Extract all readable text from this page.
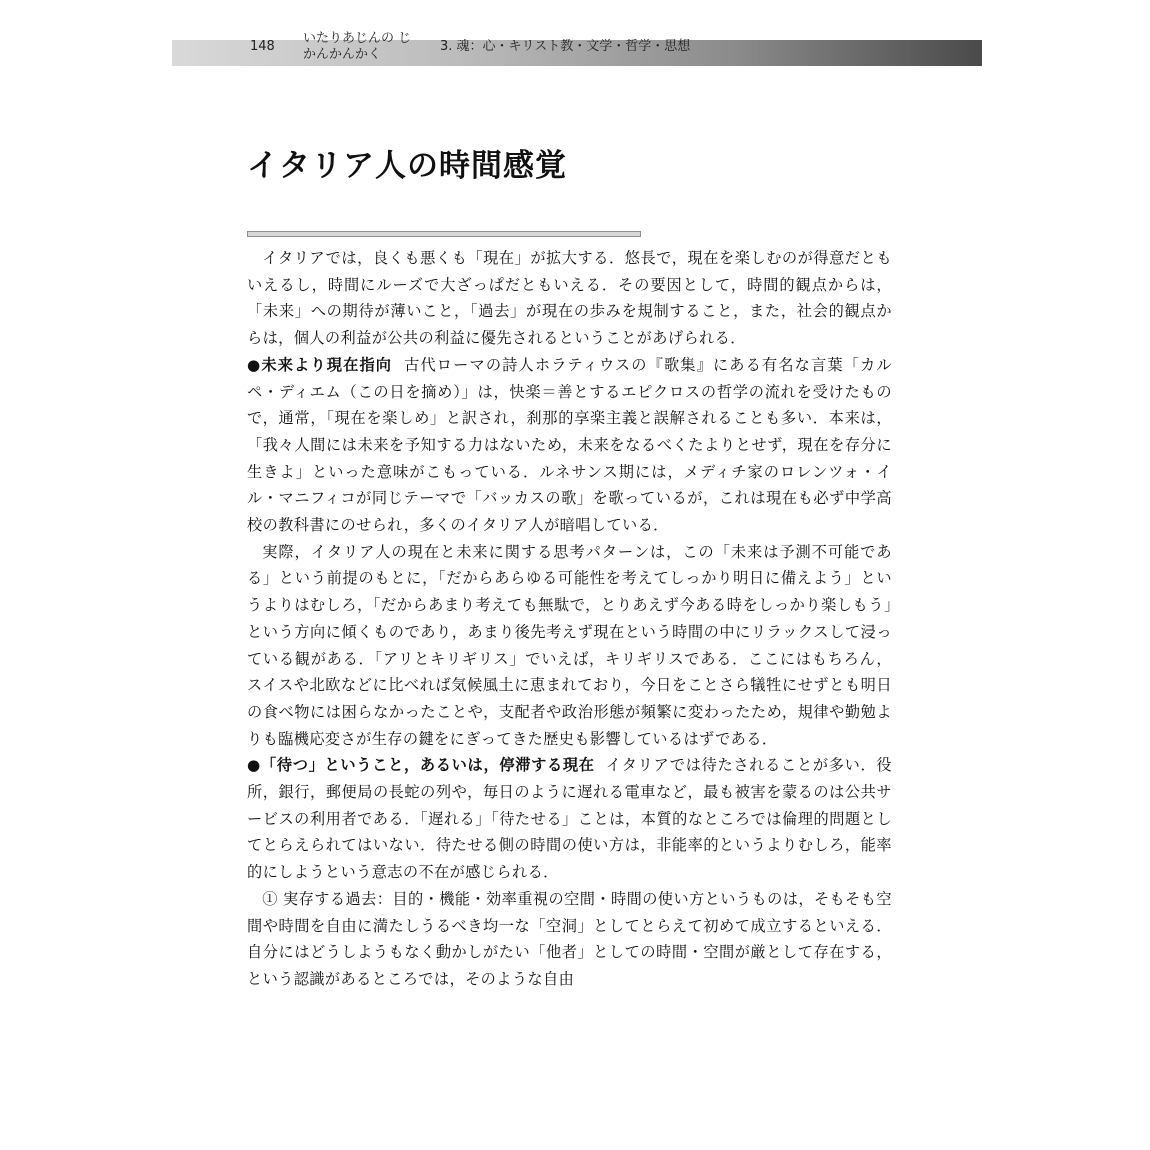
148
いたりあじんの じかんかんかく
3. 魂：心・キリスト教・文学・哲学・思想
イタリア人の時間感覚

イタリアでは，良くも悪くも「現在」が拡大する．悠長で，現在を楽しむのが得意だともいえるし，時間にルーズで大ざっぱだともいえる．その要因として，時間的観点からは，「未来」への期待が薄いこと，「過去」が現在の歩みを規制すること，また，社会的観点からは，個人の利益が公共の利益に優先されるということがあげられる．

●未来より現在指向 古代ローマの詩人ホラティウスの『歌集』にある有名な言葉「カルペ・ディエム（この日を摘め）」は，快楽＝善とするエピクロスの哲学の流れを受けたもので，通常，「現在を楽しめ」と訳され，刹那的享楽主義と誤解されることも多い．本来は，「我々人間には未来を予知する力はないため，未来をなるべくたよりとせず，現在を存分に生きよ」といった意味がこもっている．ルネサンス期には，メディチ家のロレンツォ・イル・マニフィコが同じテーマで「バッカスの歌」を歌っているが，これは現在も必ず中学高校の教科書にのせられ，多くのイタリア人が暗唱している．

実際，イタリア人の現在と未来に関する思考パターンは，この「未来は予測不可能である」という前提のもとに，「だからあらゆる可能性を考えてしっかり明日に備えよう」というよりはむしろ，「だからあまり考えても無駄で，とりあえず今ある時をしっかり楽しもう」という方向に傾くものであり，あまり後先考えず現在という時間の中にリラックスして浸っている観がある．「アリとキリギリス」でいえば，キリギリスである．ここにはもちろん，スイスや北欧などに比べれば気候風土に恵まれており，今日をことさら犠牲にせずとも明日の食べ物には困らなかったことや，支配者や政治形態が頻繁に変わったため，規律や勤勉よりも臨機応変さが生存の鍵をにぎってきた歴史も影響しているはずである．

●「待つ」ということ，あるいは，停滞する現在 イタリアでは待たされることが多い．役所，銀行，郵便局の長蛇の列や，毎日のように遅れる電車など，最も被害を蒙るのは公共サービスの利用者である．「遅れる」「待たせる」ことは，本質的なところでは倫理的問題としてとらえられてはいない．待たせる側の時間の使い方は，非能率的というよりむしろ，能率的にしようという意志の不在が感じられる．

① 実存する過去：目的・機能・効率重視の空間・時間の使い方というものは，そもそも空間や時間を自由に満たしうるべき均一な「空洞」としてとらえて初めて成立するといえる．自分にはどうしようもなく動かしがたい「他者」としての時間・空間が厳として存在する，という認識があるところでは，そのような自由
